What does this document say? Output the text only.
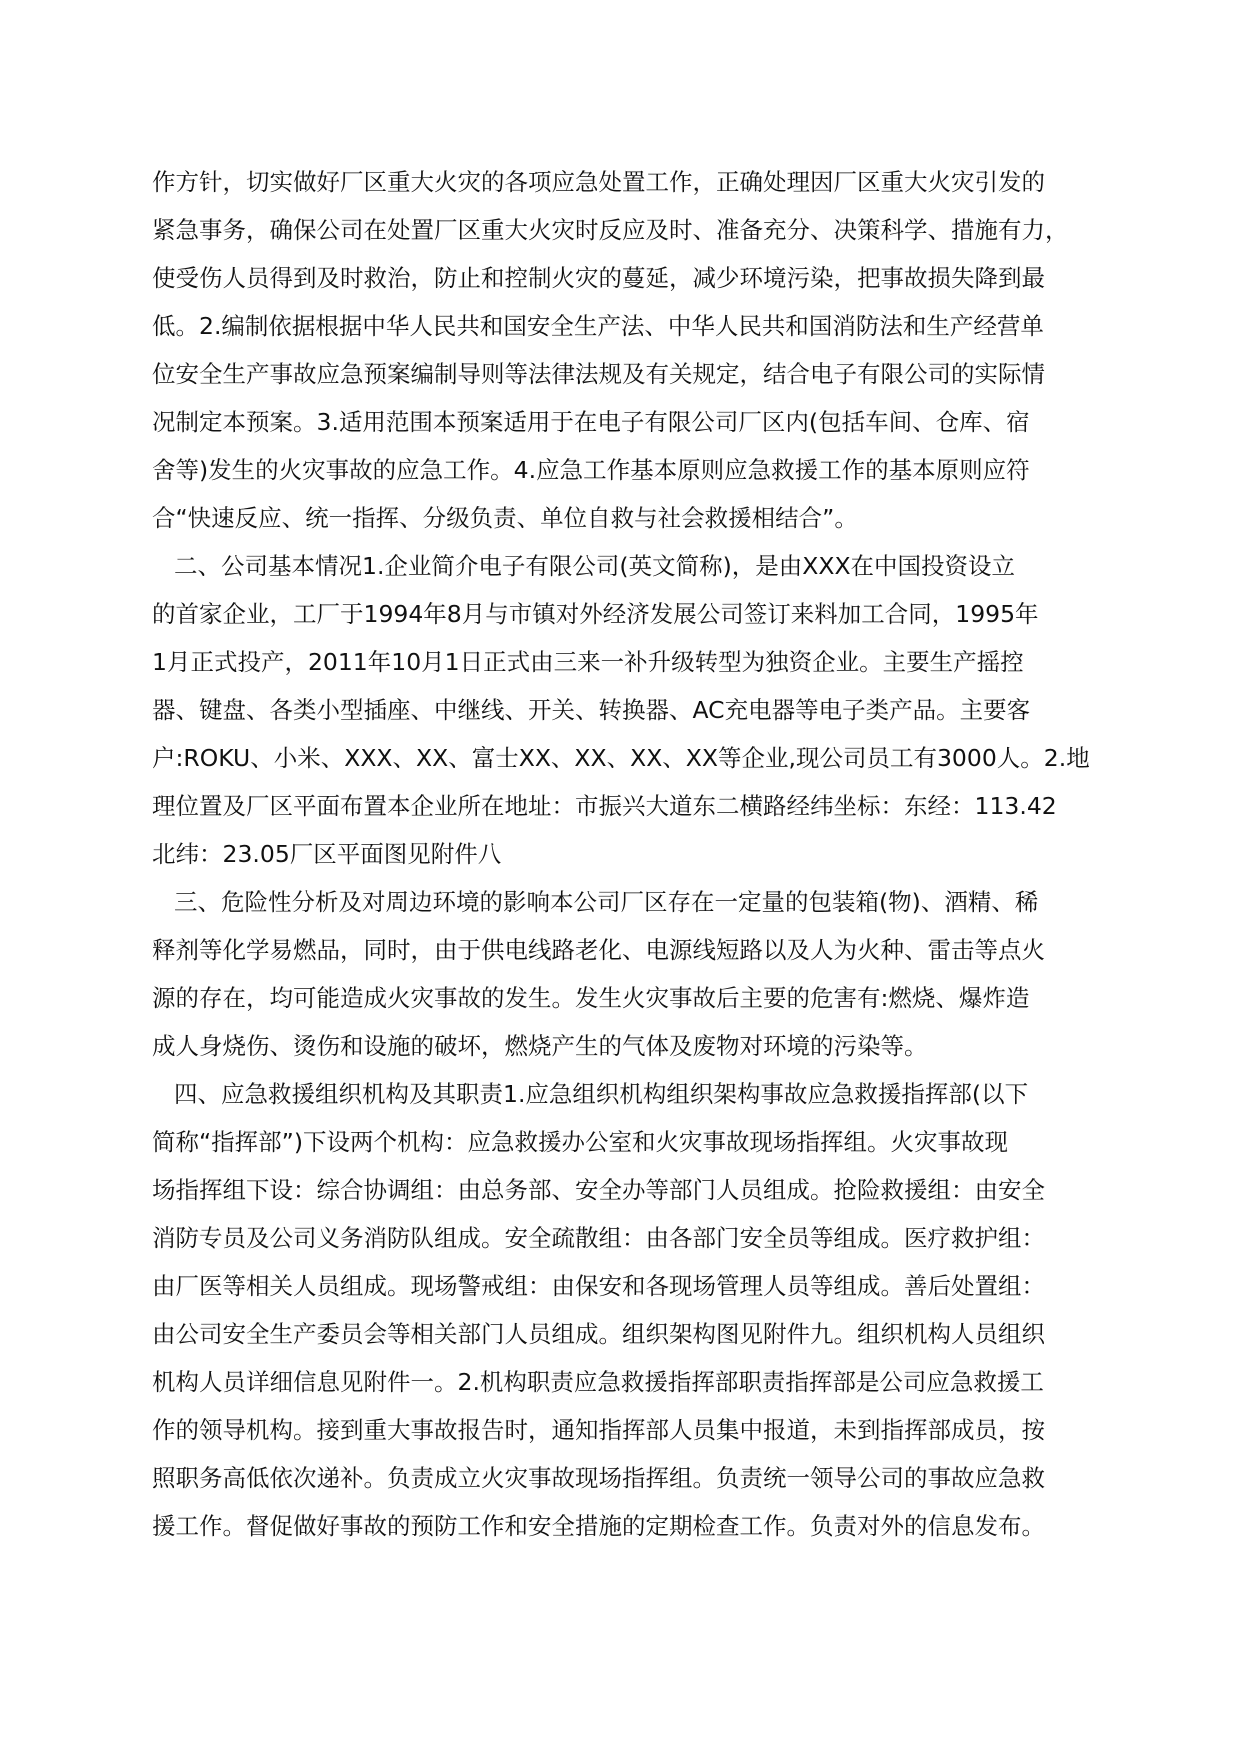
作方针，切实做好厂区重大火灾的各项应急处置工作，正确处理因厂区重大火灾引发的
紧急事务，确保公司在处置厂区重大火灾时反应及时、准备充分、决策科学、措施有力，
使受伤人员得到及时救治，防止和控制火灾的蔓延，减少环境污染，把事故损失降到最
低。2.编制依据根据中华人民共和国安全生产法、中华人民共和国消防法和生产经营单
位安全生产事故应急预案编制导则等法律法规及有关规定，结合电子有限公司的实际情
况制定本预案。3.适用范围本预案适用于在电子有限公司厂区内(包括车间、仓库、宿
舍等)发生的火灾事故的应急工作。4.应急工作基本原则应急救援工作的基本原则应符
合“快速反应、统一指挥、分级负责、单位自救与社会救援相结合”。
二、公司基本情况1.企业简介电子有限公司(英文简称)，是由XXX在中国投资设立
的首家企业，工厂于1994年8月与市镇对外经济发展公司签订来料加工合同，1995年
1月正式投产，2011年10月1日正式由三来一补升级转型为独资企业。主要生产摇控
器、键盘、各类小型插座、中继线、开关、转换器、AC充电器等电子类产品。主要客
户:ROKU、小米、XXX、XX、富士XX、XX、XX、XX等企业,现公司员工有3000人。2.地
理位置及厂区平面布置本企业所在地址：市振兴大道东二横路经纬坐标：东经：113.42
北纬：23.05厂区平面图见附件八
三、危险性分析及对周边环境的影响本公司厂区存在一定量的包装箱(物)、酒精、稀
释剂等化学易燃品，同时，由于供电线路老化、电源线短路以及人为火种、雷击等点火
源的存在，均可能造成火灾事故的发生。发生火灾事故后主要的危害有:燃烧、爆炸造
成人身烧伤、烫伤和设施的破坏，燃烧产生的气体及废物对环境的污染等。
四、应急救援组织机构及其职责1.应急组织机构组织架构事故应急救援指挥部(以下
简称“指挥部”)下设两个机构：应急救援办公室和火灾事故现场指挥组。火灾事故现
场指挥组下设：综合协调组：由总务部、安全办等部门人员组成。抢险救援组：由安全
消防专员及公司义务消防队组成。安全疏散组：由各部门安全员等组成。医疗救护组：
由厂医等相关人员组成。现场警戒组：由保安和各现场管理人员等组成。善后处置组：
由公司安全生产委员会等相关部门人员组成。组织架构图见附件九。组织机构人员组织
机构人员详细信息见附件一。2.机构职责应急救援指挥部职责指挥部是公司应急救援工
作的领导机构。接到重大事故报告时，通知指挥部人员集中报道，未到指挥部成员，按
照职务高低依次递补。负责成立火灾事故现场指挥组。负责统一领导公司的事故应急救
援工作。督促做好事故的预防工作和安全措施的定期检查工作。负责对外的信息发布。
